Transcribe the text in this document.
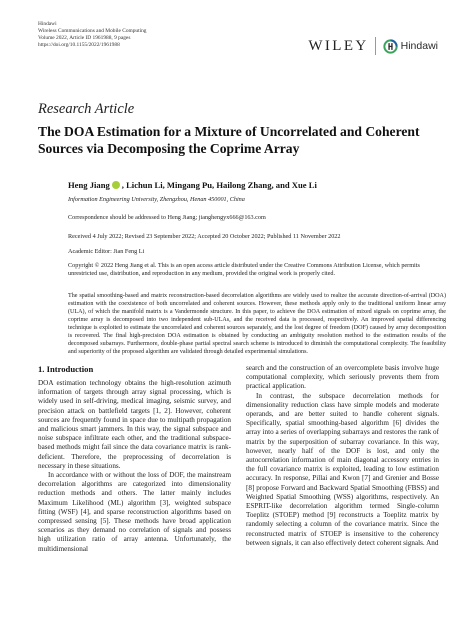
Hindawi
Wireless Communications and Mobile Computing
Volume 2022, Article ID 1961988, 9 pages
https://doi.org/10.1155/2022/1961988	WILEY	Hindawi
Research Article
The DOA Estimation for a Mixture of Uncorrelated and Coherent Sources via Decomposing the Coprime Array
Heng Jiang , Lichun Li, Mingang Pu, Hailong Zhang, and Xue Li
Information Engineering University, Zhengzhou, Henan 450001, China
Correspondence should be addressed to Heng Jiang; jianghengyx666@163.com
Received 4 July 2022; Revised 23 September 2022; Accepted 20 October 2022; Published 11 November 2022
Academic Editor: Jian Feng Li
Copyright © 2022 Heng Jiang et al. This is an open access article distributed under the Creative Commons Attribution License, which permits unrestricted use, distribution, and reproduction in any medium, provided the original work is properly cited.
The spatial smoothing-based and matrix reconstruction-based decorrelation algorithms are widely used to realize the accurate direction-of-arrival (DOA) estimation with the coexistence of both uncorrelated and coherent sources. However, these methods apply only to the traditional uniform linear array (ULA), of which the manifold matrix is a Vandermonde structure. In this paper, to achieve the DOA estimation of mixed signals on coprime array, the coprime array is decomposed into two independent sub-ULAs, and the received data is processed, respectively. An improved spatial differencing technique is exploited to estimate the uncorrelated and coherent sources separately, and the lost degree of freedom (DOF) caused by array decomposition is recovered. The final high-precision DOA estimation is obtained by conducting an ambiguity resolution method to the estimation results of the decomposed subarrays. Furthermore, double-phase partial spectral search scheme is introduced to diminish the computational complexity. The feasibility and superiority of the proposed algorithm are validated through detailed experimental simulations.
1. Introduction

DOA estimation technology obtains the high-resolution azimuth information of targets through array signal processing, which is widely used in self-driving, medical imaging, seismic survey, and precision attack on battlefield targets [1, 2]. However, coherent sources are frequently found in space due to multipath propagation and malicious smart jammers. In this way, the signal subspace and noise subspace infiltrate each other, and the traditional subspace-based methods might fail since the data covariance matrix is rank-deficient. Therefore, the preprocessing of decorrelation is necessary in these situations.

In accordance with or without the loss of DOF, the mainstream decorrelation algorithms are categorized into dimensionality reduction methods and others. The latter mainly includes Maximum Likelihood (ML) algorithm [3], weighted subspace fitting (WSF) [4], and sparse reconstruction algorithms based on compressed sensing [5]. These methods have broad application scenarios as they demand no correlation of signals and possess high utilization ratio of array antenna. Unfortunately, the multidimensional

search and the construction of an overcomplete basis involve huge computational complexity, which seriously prevents them from practical application.

In contrast, the subspace decorrelation methods for dimensionality reduction class have simple models and moderate operands, and are better suited to handle coherent signals. Specifically, spatial smoothing-based algorithm [6] divides the array into a series of overlapping subarrays and restores the rank of matrix by the superposition of subarray covariance. In this way, however, nearly half of the DOF is lost, and only the autocorrelation information of main diagonal accessory entries in the full covariance matrix is exploited, leading to low estimation accuracy. In response, Pillai and Kwon [7] and Grenier and Bosse [8] propose Forward and Backward Spatial Smoothing (FBSS) and Weighted Spatial Smoothing (WSS) algorithms, respectively. An ESPRIT-like decorrelation algorithm termed Single-column Toeplitz (STOEP) method [9] reconstructs a Toeplitz matrix by randomly selecting a column of the covariance matrix. Since the reconstructed matrix of STOEP is insensitive to the coherency between signals, it can also effectively detect coherent signals. And
